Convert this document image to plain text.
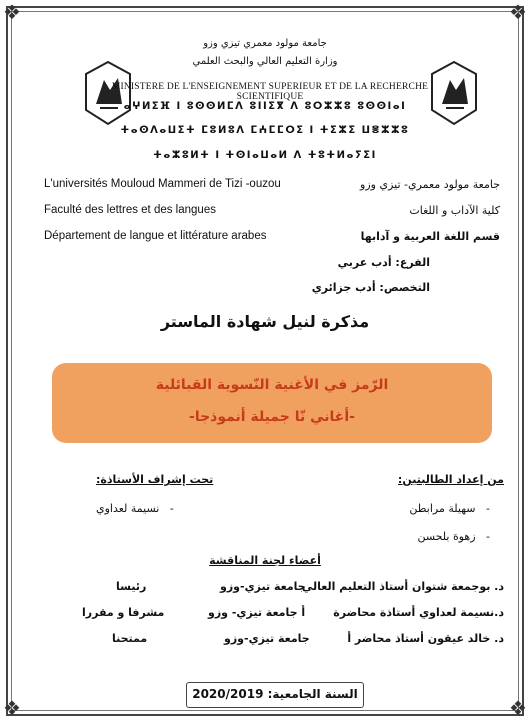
❖	❖
❖	❖
جامعة مولود معمري تيزي وزو
وزارة التعليم العالي والبحث العلمي
MINISTERE DE L'ENSEIGNEMENT SUPERIEUR ET DE LA RECHERCHE SCIENTIFIQUE
ⴰⵖⵍⵉⴼ ⵏ ⵓⵙⵙⵍⵎⴷ ⵓⵏⵏⵉⴳ ⴷ ⵓⵔⵣⵣⵓ ⵓⵙⵙⵏⴰⵏ
ⵜⴰⵙⴷⴰⵡⵉⵜ ⵎⵓⵍⵓⴷ ⵎⵄⵎⵎⵔⵉ ⵏ ⵜⵉⵣⵉ ⵡⴻⵣⵣⵓ
ⵜⴰⵣⵓⵍⵜ ⵏ ⵜⵙⵏⴰⵡⴰⵍ ⴷ ⵜⵓⵜⵍⴰⵢⵉⵏ
L'universités Mouloud Mammeri de Tizi -ouzou
Faculté des lettres et des langues
Département de langue et littérature arabes
جامعة مولود معمري- تيزي وزو
كلية الآداب و اللغات
قسم اللغة العربية و آدابها
الفرع: أدب عربي
التخصص: أدب جزائري
مذكرة لنيل شهادة الماستر
الرّمز في الأغنية النّسوية القبائلية
-أغاني نّا جميلة أنموذجا-
من إعداد الطالبتين:
-   سهيلة مرابطن
-   زهوة بلحسن
تحت إشراف الأستاذة:
-   نسيمة لعداوي
أعضاء لجنة المناقشة
د. بوجمعة شتوان أستاذ التعليم العالي
جامعة تيزي-وزو
رئيسا
د.نسيمة لعداوي أستاذة محاضرة
أ جامعة تيزي- وزو
مشرفا و مقررا
د. خالد عيقون أستاذ محاضر أ
جامعة تيزي-وزو
ممتحنا
السنة الجامعية: 2020/2019
